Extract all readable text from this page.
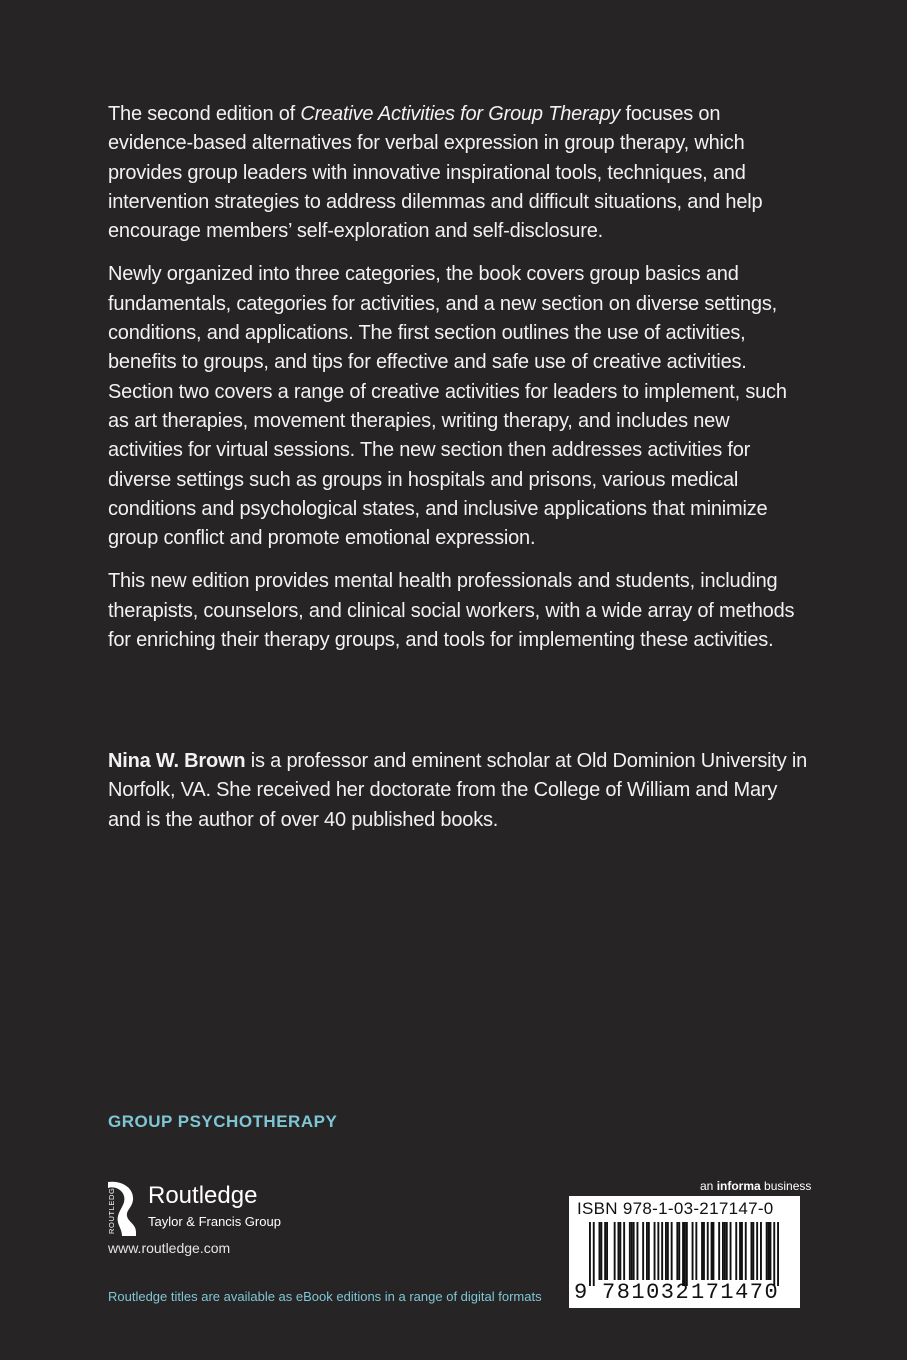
The second edition of Creative Activities for Group Therapy focuses on evidence-based alternatives for verbal expression in group therapy, which provides group leaders with innovative inspirational tools, techniques, and intervention strategies to address dilemmas and difficult situations, and help encourage members’ self-exploration and self-disclosure.

Newly organized into three categories, the book covers group basics and fundamentals, categories for activities, and a new section on diverse settings, conditions, and applications. The first section outlines the use of activities, benefits to groups, and tips for effective and safe use of creative activities. Section two covers a range of creative activities for leaders to implement, such as art therapies, movement therapies, writing therapy, and includes new activities for virtual sessions. The new section then addresses activities for diverse settings such as groups in hospitals and prisons, various medical conditions and psychological states, and inclusive applications that minimize group conflict and promote emotional expression.

This new edition provides mental health professionals and students, including therapists, counselors, and clinical social workers, with a wide array of methods for enriching their therapy groups, and tools for implementing these activities.

Nina W. Brown is a professor and eminent scholar at Old Dominion University in Norfolk, VA. She received her doctorate from the College of William and Mary and is the author of over 40 published books.
GROUP PSYCHOTHERAPY
ROUTLEDGE Routledge
Taylor & Francis Group
www.routledge.com
Routledge titles are available as eBook editions in a range of digital formats
an informa business
ISBN 978-1-03-217147-0
9 781032 171470
